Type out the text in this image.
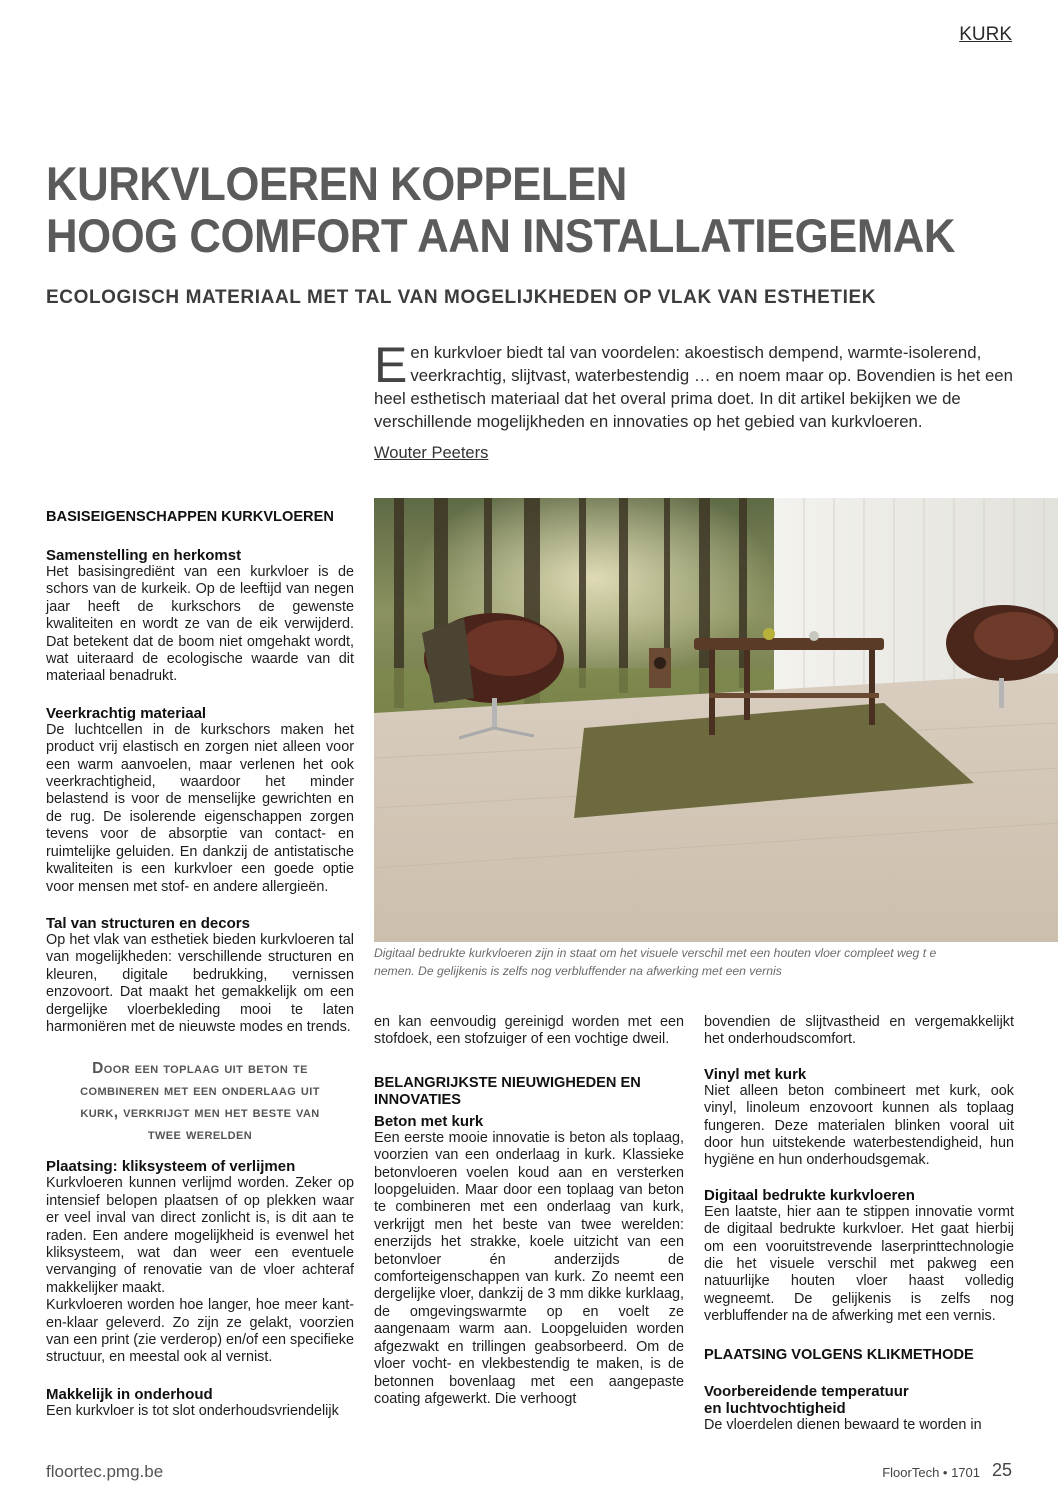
KURK
KURKVLOEREN KOPPELEN
HOOG COMFORT AAN INSTALLATIEGEMAK
ECOLOGISCH MATERIAAL MET TAL VAN MOGELIJKHEDEN OP VLAK VAN ESTHETIEK

Een kurkvloer biedt tal van voordelen: akoestisch dempend, warmte-isolerend, veerkrachtig, slijtvast, waterbestendig … en noem maar op. Bovendien is het een heel esthetisch materiaal dat het overal prima doet. In dit artikel bekijken we de verschillende mogelijkheden en innovaties op het gebied van kurkvloeren.

Wouter Peeters
Digitaal bedrukte kurkvloeren zijn in staat om het visuele verschil met een houten vloer compleet weg t e nemen. De gelijkenis is zelfs nog verbluffender na afwerking met een vernis
BASISEIGENSCHAPPEN KURKVLOEREN
Samenstelling en herkomst

Het basisingrediënt van een kurkvloer is de schors van de kurkeik. Op de leeftijd van negen jaar heeft de kurkschors de gewenste kwaliteiten en wordt ze van de eik verwijderd. Dat betekent dat de boom niet omgehakt wordt, wat uiteraard de ecologische waarde van dit materiaal benadrukt.

Veerkrachtig materiaal

De luchtcellen in de kurkschors maken het product vrij elastisch en zorgen niet alleen voor een warm aanvoelen, maar verlenen het ook veerkrachtigheid, waardoor het minder belastend is voor de menselijke gewrichten en de rug. De isolerende eigenschappen zorgen tevens voor de absorptie van contact- en ruimtelijke geluiden. En dankzij de antistatische kwaliteiten is een kurkvloer een goede optie voor mensen met stof- en andere allergieën.

Tal van structuren en decors

Op het vlak van esthetiek bieden kurkvloeren tal van mogelijkheden: verschillende structuren en kleuren, digitale bedrukking, vernissen enzovoort. Dat maakt het gemakkelijk om een dergelijke vloerbekleding mooi te laten harmoniëren met de nieuwste modes en trends.

Door een toplaag uit beton te combineren met een onderlaag uit kurk, verkrijgt men het beste van twee werelden
Plaatsing: kliksysteem of verlijmen

Kurkvloeren kunnen verlijmd worden. Zeker op intensief belopen plaatsen of op plekken waar er veel inval van direct zonlicht is, is dit aan te raden. Een andere mogelijkheid is evenwel het kliksysteem, wat dan weer een eventuele vervanging of renovatie van de vloer achteraf makkelijker maakt.

Kurkvloeren worden hoe langer, hoe meer kant-en-klaar geleverd. Zo zijn ze gelakt, voorzien van een print (zie verderop) en/of een specifieke structuur, en meestal ook al vernist.

Makkelijk in onderhoud

Een kurkvloer is tot slot onderhoudsvriendelijk

en kan eenvoudig gereinigd worden met een stofdoek, een stofzuiger of een vochtige dweil.

BELANGRIJKSTE NIEUWIGHEDEN EN INNOVATIES
Beton met kurk

Een eerste mooie innovatie is beton als toplaag, voorzien van een onderlaag in kurk. Klassieke betonvloeren voelen koud aan en versterken loopgeluiden. Maar door een toplaag van beton te combineren met een onderlaag van kurk, verkrijgt men het beste van twee werelden: enerzijds het strakke, koele uitzicht van een betonvloer én anderzijds de comforteigenschappen van kurk. Zo neemt een dergelijke vloer, dankzij de 3 mm dikke kurklaag, de omgevingswarmte op en voelt ze aangenaam warm aan. Loopgeluiden worden afgezwakt en trillingen geabsorbeerd. Om de vloer vocht- en vlekbestendig te maken, is de betonnen bovenlaag met een aangepaste coating afgewerkt. Die verhoogt

bovendien de slijtvastheid en vergemakkelijkt het onderhoudscomfort.

Vinyl met kurk

Niet alleen beton combineert met kurk, ook vinyl, linoleum enzovoort kunnen als toplaag fungeren. Deze materialen blinken vooral uit door hun uitstekende waterbestendigheid, hun hygiëne en hun onderhoudsgemak.

Digitaal bedrukte kurkvloeren

Een laatste, hier aan te stippen innovatie vormt de digitaal bedrukte kurkvloer. Het gaat hierbij om een vooruitstrevende laserprinttechnologie die het visuele verschil met pakweg een natuurlijke houten vloer haast volledig wegneemt. De gelijkenis is zelfs nog verbluffender na de afwerking met een vernis.

PLAATSING VOLGENS KLIKMETHODE
Voorbereidende temperatuur
en luchtvochtigheid

De vloerdelen dienen bewaard te worden in

floortec.pmg.be	FloorTech • 1701 25
